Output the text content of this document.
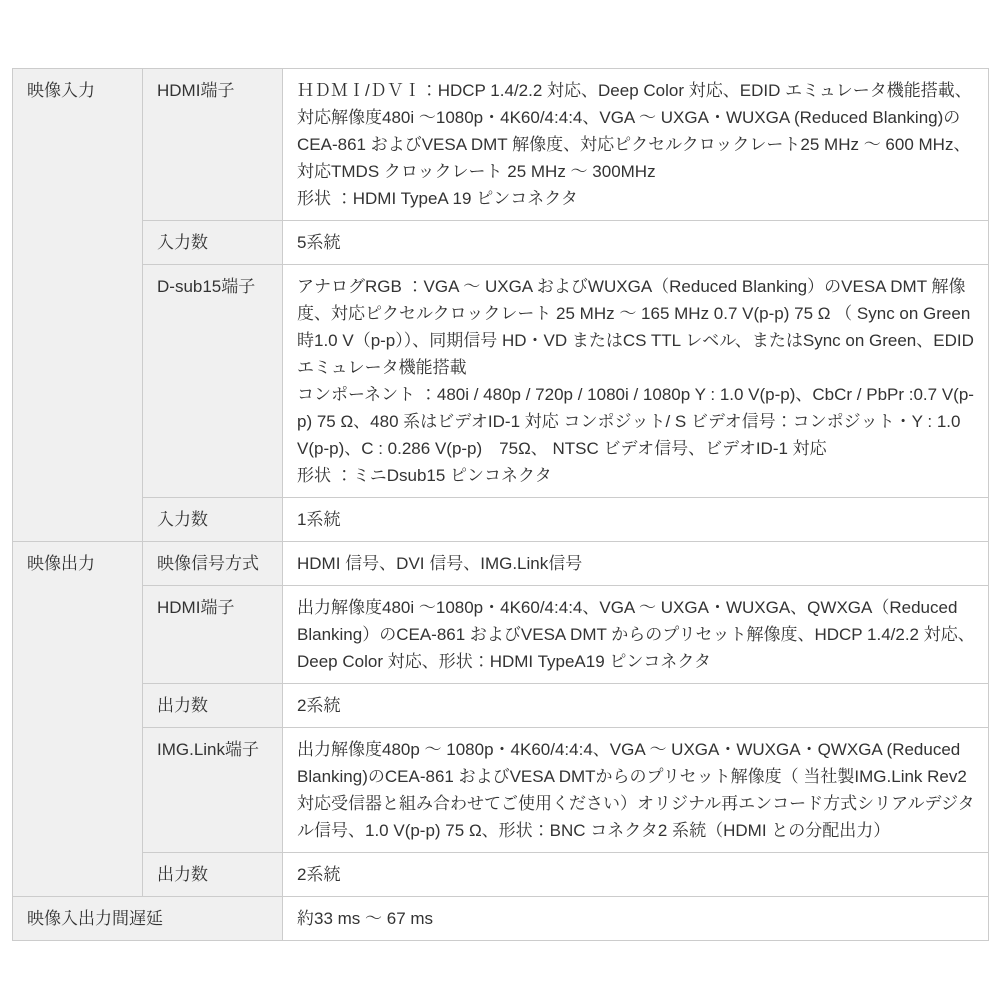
映像入力	HDMI端子	ＨＤＭＩ/ＤＶＩ：HDCP 1.4/2.2 対応、Deep Color 対応、EDID エミュレータ機能搭載、対応解像度480i ～1080p・4K60/4:4:4、VGA ～ UXGA・WUXGA (Reduced Blanking)のCEA-861 およびVESA DMT 解像度、対応ピクセルクロックレート25 MHz ～ 600 MHz、対応TMDS クロックレート 25 MHz ～ 300MHz

形状 ：HDMI TypeA 19 ピンコネクタ

	入力数	5系統

	D-sub15端子	アナログRGB ：VGA ～ UXGA およびWUXGA（Reduced Blanking）のVESA DMT 解像度、対応ピクセルクロックレート 25 MHz ～ 165 MHz 0.7 V(p-p) 75 Ω （ Sync on Green 時1.0 V（p-p））、同期信号 HD・VD またはCS TTL レベル、またはSync on Green、EDIDエミュレータ機能搭載

コンポーネント ：480i / 480p / 720p / 1080i / 1080p Y : 1.0 V(p-p)、CbCr / PbPr :0.7 V(p-p) 75 Ω、480 系はビデオID-1 対応 コンポジット/ S ビデオ信号：コンポジット・Y : 1.0 V(p-p)、C : 0.286 V(p-p)　75Ω、 NTSC ビデオ信号、ビデオID-1 対応

形状 ：ミニDsub15 ピンコネクタ

	入力数	1系統

映像出力	映像信号方式	HDMI 信号、DVI 信号、IMG.Link信号

	HDMI端子	出力解像度480i ～1080p・4K60/4:4:4、VGA ～ UXGA・WUXGA、QWXGA（Reduced Blanking）のCEA-861 およびVESA DMT からのプリセット解像度、HDCP 1.4/2.2 対応、Deep Color 対応、形状：HDMI TypeA19 ピンコネクタ

	出力数	2系統

	IMG.Link端子	出力解像度480p ～ 1080p・4K60/4:4:4、VGA ～ UXGA・WUXGA・QWXGA (Reduced Blanking)のCEA-861 およびVESA DMTからのプリセット解像度（ 当社製IMG.Link Rev2 対応受信器と組み合わせてご使用ください）オリジナル再エンコード方式シリアルデジタル信号、1.0 V(p-p) 75 Ω、形状：BNC コネクタ2 系統（HDMI との分配出力）

	出力数	2系統

映像入出力間遅延		約33 ms ～ 67 ms
